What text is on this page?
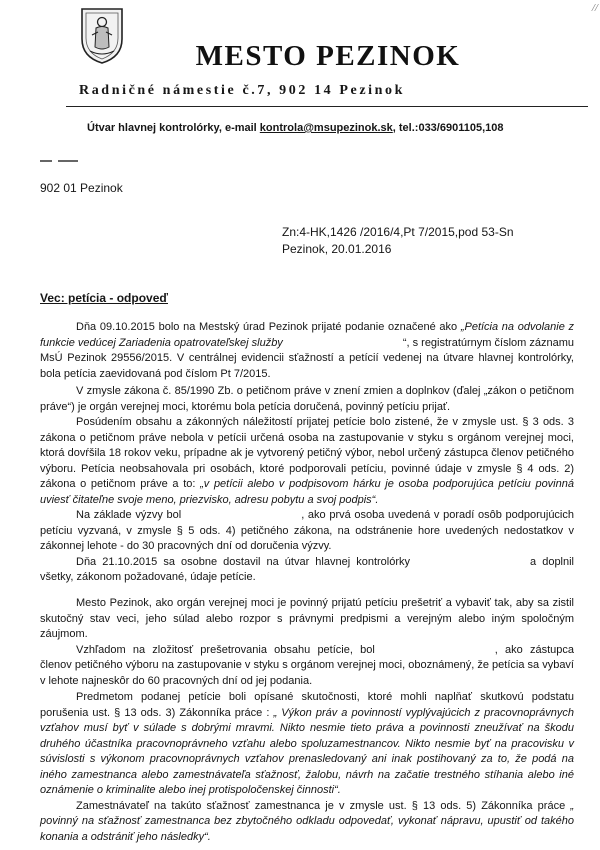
//
MESTO PEZINOK
Radničné námestie č.7, 902 14 Pezinok
Útvar hlavnej kontrolórky, e-mail kontrola@msupezinok.sk, tel.:033/6901105,108
902 01 Pezinok
Zn:4-HK,1426 /2016/4,Pt 7/2015,pod 53-Sn
Pezinok, 20.01.2016
Vec: petícia - odpoveď

Dňa 09.10.2015 bolo na Mestský úrad Pezinok prijaté podanie označené ako „Petícia na odvolanie z funkcie vedúcej Zariadenia opatrovateľskej služby	“, s registratúrnym číslom záznamu MsÚ Pezinok 29556/2015. V centrálnej evidencii sťažností a petícií vedenej na útvare hlavnej kontrolórky, bola petícia zaevidovaná pod číslom Pt 7/2015.

V zmysle zákona č. 85/1990 Zb. o petičnom práve v znení zmien a doplnkov (ďalej „zákon o petičnom práve“) je orgán verejnej moci, ktorému bola petícia doručená, povinný petíciu prijať.

Posúdením obsahu a zákonných náležitostí prijatej petície bolo zistené, že v zmysle ust. § 3 ods. 3 zákona o petičnom práve nebola v petícii určená osoba na zastupovanie v styku s orgánom verejnej moci, ktorá dovŕšila 18 rokov veku, prípadne ak je vytvorený petičný výbor, nebol určený zástupca členov petičného výboru. Petícia neobsahovala pri osobách, ktoré podporovali petíciu, povinné údaje v zmysle § 4 ods. 2) zákona o petičnom práve a to: „v petícii alebo v podpisovom hárku je osoba podporujúca petíciu povinná uviesť čitateľne svoje meno, priezvisko, adresu pobytu a svoj podpis“.

Na základe výzvy bol	, ako prvá osoba uvedená v poradí osôb podporujúcich petíciu vyzvaná, v zmysle § 5 ods. 4) petičného zákona, na odstránenie hore uvedených nedostatkov v zákonnej lehote - do 30 pracovných dní od doručenia výzvy.

Dňa 21.10.2015 sa osobne dostavil na útvar hlavnej kontrolórky	a doplnil všetky, zákonom požadované, údaje petície.

Mesto Pezinok, ako orgán verejnej moci je povinný prijatú petíciu prešetriť a vybaviť tak, aby sa zistil skutočný stav veci, jeho súlad alebo rozpor s právnymi predpismi a verejným alebo iným spoločným záujmom.

Vzhľadom na zložitosť prešetrovania obsahu petície, bol	, ako zástupca členov petičného výboru na zastupovanie v styku s orgánom verejnej moci, oboznámený, že petícia sa vybaví v lehote najneskôr do 60 pracovných dní od jej podania.

Predmetom podanej petície boli opísané skutočnosti, ktoré mohli naplňať skutkovú podstatu porušenia ust. § 13 ods. 3) Zákonníka práce : „ Výkon práv a povinností vyplývajúcich z pracovnoprávnych vzťahov musí byť v súlade s dobrými mravmi. Nikto nesmie tieto práva a povinnosti zneužívať na škodu druhého účastníka pracovnoprávneho vzťahu alebo spoluzamestnancov. Nikto nesmie byť na pracovisku v súvislosti s výkonom pracovnoprávnych vzťahov prenasledovaný ani inak postihovaný za to, že podá na iného zamestnanca alebo zamestnávateľa sťažnosť, žalobu, návrh na začatie trestného stíhania alebo iné oznámenie o kriminalite alebo inej protispoločenskej činnosti“.

Zamestnávateľ na takúto sťažnosť zamestnanca je v zmysle ust. § 13 ods. 5) Zákonníka práce „ povinný na sťažnosť zamestnanca bez zbytočného odkladu odpovedať, vykonať nápravu, upustiť od takého konania a odstrániť jeho následky“.
